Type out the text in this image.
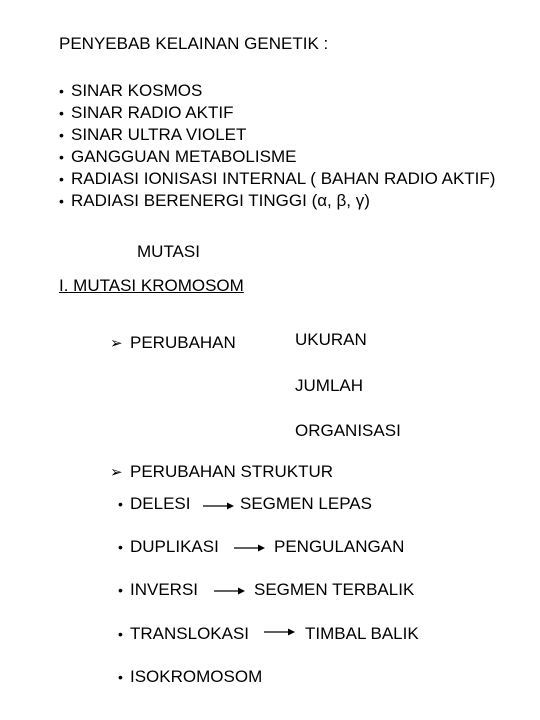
PENYEBAB KELAINAN GENETIK :
• SINAR KOSMOS
• SINAR RADIO AKTIF
• SINAR ULTRA VIOLET
• GANGGUAN METABOLISME
• RADIASI IONISASI INTERNAL ( BAHAN RADIO AKTIF)
• RADIASI BERENERGI TINGGI (α, β, γ)
MUTASI
I. MUTASI KROMOSOM
➢ PERUBAHAN	UKURAN
JUMLAH
ORGANISASI
➢ PERUBAHAN STRUKTUR
• DELESI	SEGMEN LEPAS
• DUPLIKASI	PENGULANGAN
• INVERSI	SEGMEN TERBALIK
• TRANSLOKASI	TIMBAL BALIK
• ISOKROMOSOM
